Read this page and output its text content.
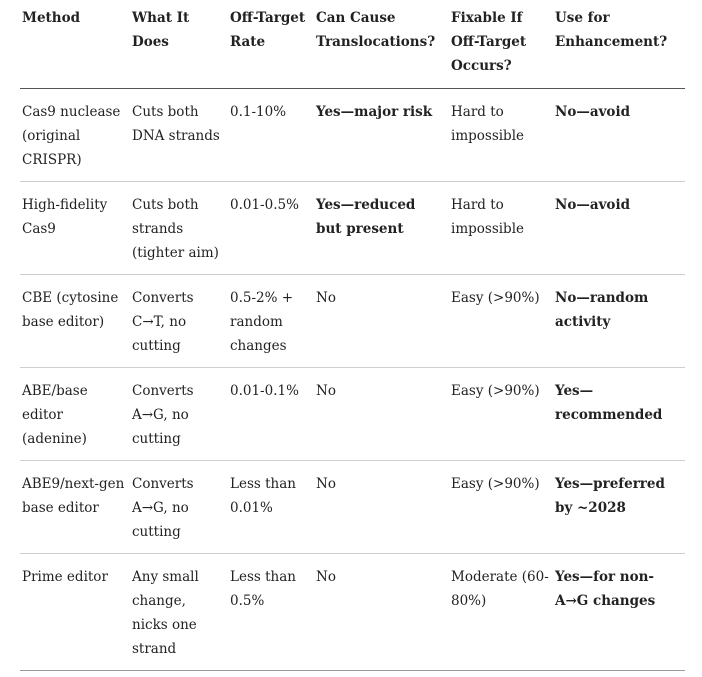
Method	What It Does	Off-Target Rate	Can Cause Translocations?	Fixable If Off-Target Occurs?	Use for Enhancement?
Cas9 nuclease (original CRISPR)	Cuts both DNA strands	0.1-10%	Yes—major risk	Hard to impossible	No—avoid
High-fidelity Cas9	Cuts both strands (tighter aim)	0.01-0.5%	Yes—reduced but present	Hard to impossible	No—avoid
CBE (cytosine base editor)	Converts C→T, no cutting	0.5-2% + random changes	No	Easy (>90%)	No—random activity
ABE/base editor (adenine)	Converts A→G, no cutting	0.01-0.1%	No	Easy (>90%)	Yes—recommended
ABE9/next-gen base editor	Converts A→G, no cutting	Less than 0.01%	No	Easy (>90%)	Yes—preferred by ~2028
Prime editor	Any small change, nicks one strand	Less than 0.5%	No	Moderate (60-80%)	Yes—for non-A→G changes
